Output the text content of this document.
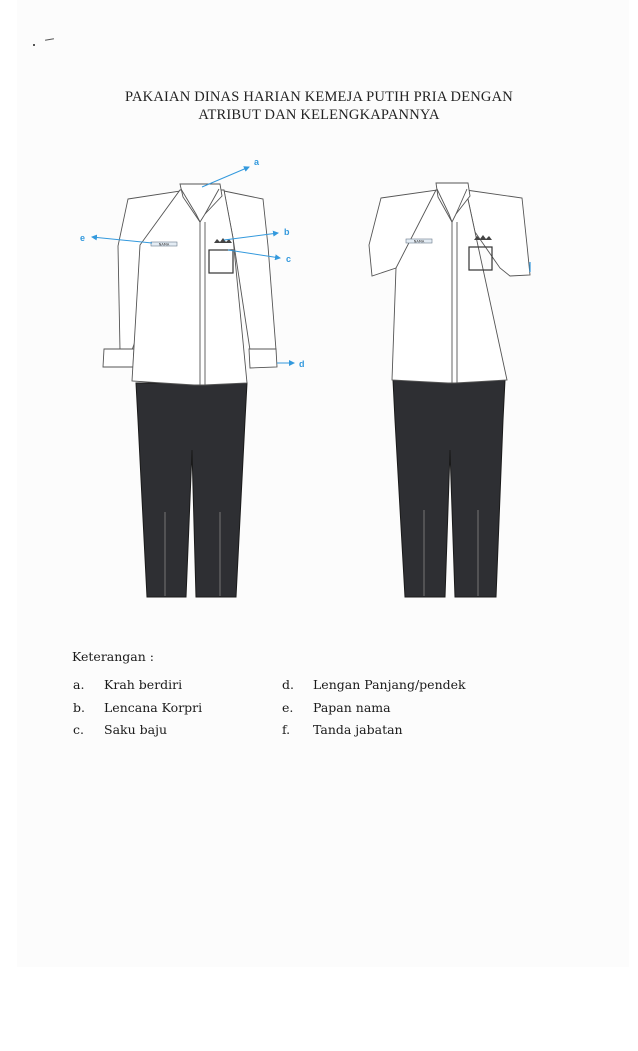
PAKAIAN DINAS HARIAN KEMEJA PUTIH PRIA DENGAN
ATRIBUT DAN KELENGKAPANNYA
NAMA
a
b
c
d
e	NAMA
Keterangan :
a.	Krah berdiri
b.	Lencana Korpri
c.	Saku baju
d.	Lengan Panjang/pendek
e.	Papan nama
f.	Tanda jabatan
